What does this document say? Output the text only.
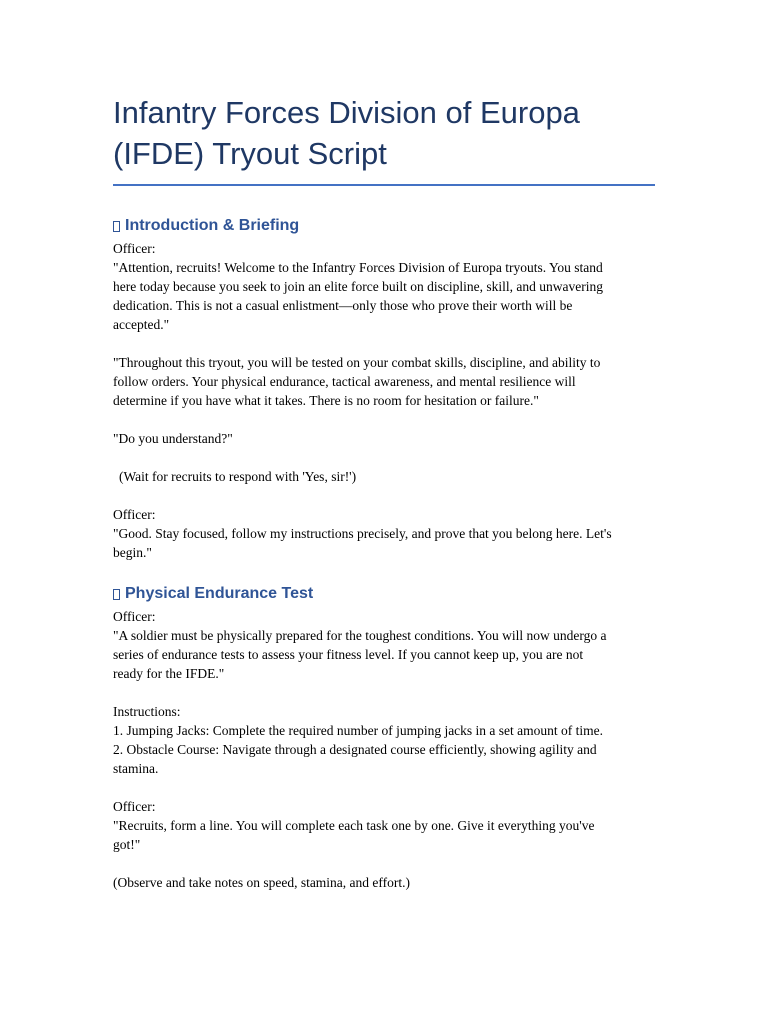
Infantry Forces Division of Europa
(IFDE) Tryout Script
Introduction & Briefing

Officer:

"Attention, recruits! Welcome to the Infantry Forces Division of Europa tryouts. You stand

here today because you seek to join an elite force built on discipline, skill, and unwavering

dedication. This is not a casual enlistment—only those who prove their worth will be

accepted."

"Throughout this tryout, you will be tested on your combat skills, discipline, and ability to

follow orders. Your physical endurance, tactical awareness, and mental resilience will

determine if you have what it takes. There is no room for hesitation or failure."

"Do you understand?"

(Wait for recruits to respond with 'Yes, sir!')

Officer:

"Good. Stay focused, follow my instructions precisely, and prove that you belong here. Let's

begin."

Physical Endurance Test

Officer:

"A soldier must be physically prepared for the toughest conditions. You will now undergo a

series of endurance tests to assess your fitness level. If you cannot keep up, you are not

ready for the IFDE."

Instructions:

1. Jumping Jacks: Complete the required number of jumping jacks in a set amount of time.

2. Obstacle Course: Navigate through a designated course efficiently, showing agility and

stamina.

Officer:

"Recruits, form a line. You will complete each task one by one. Give it everything you've

got!"

(Observe and take notes on speed, stamina, and effort.)
